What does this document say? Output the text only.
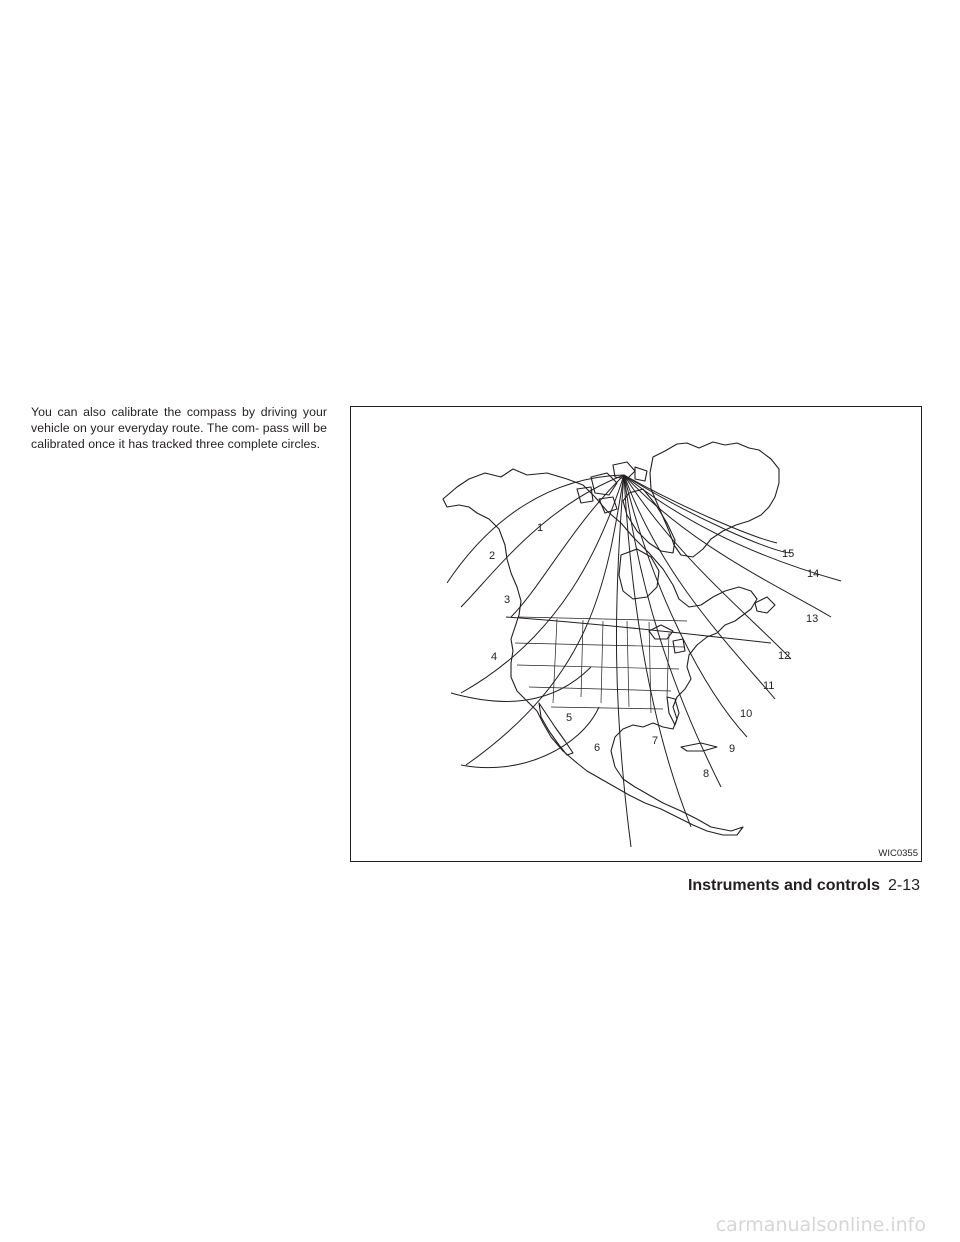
You can also calibrate the compass by driving your vehicle on your everyday route. The com- pass will be calibrated once it has tracked three complete circles.
1
2
3
4
5
6
7
8
9
10
11
12
13
14
15
WIC0355
Instruments and controls 2-13
carmanualsonline.info
